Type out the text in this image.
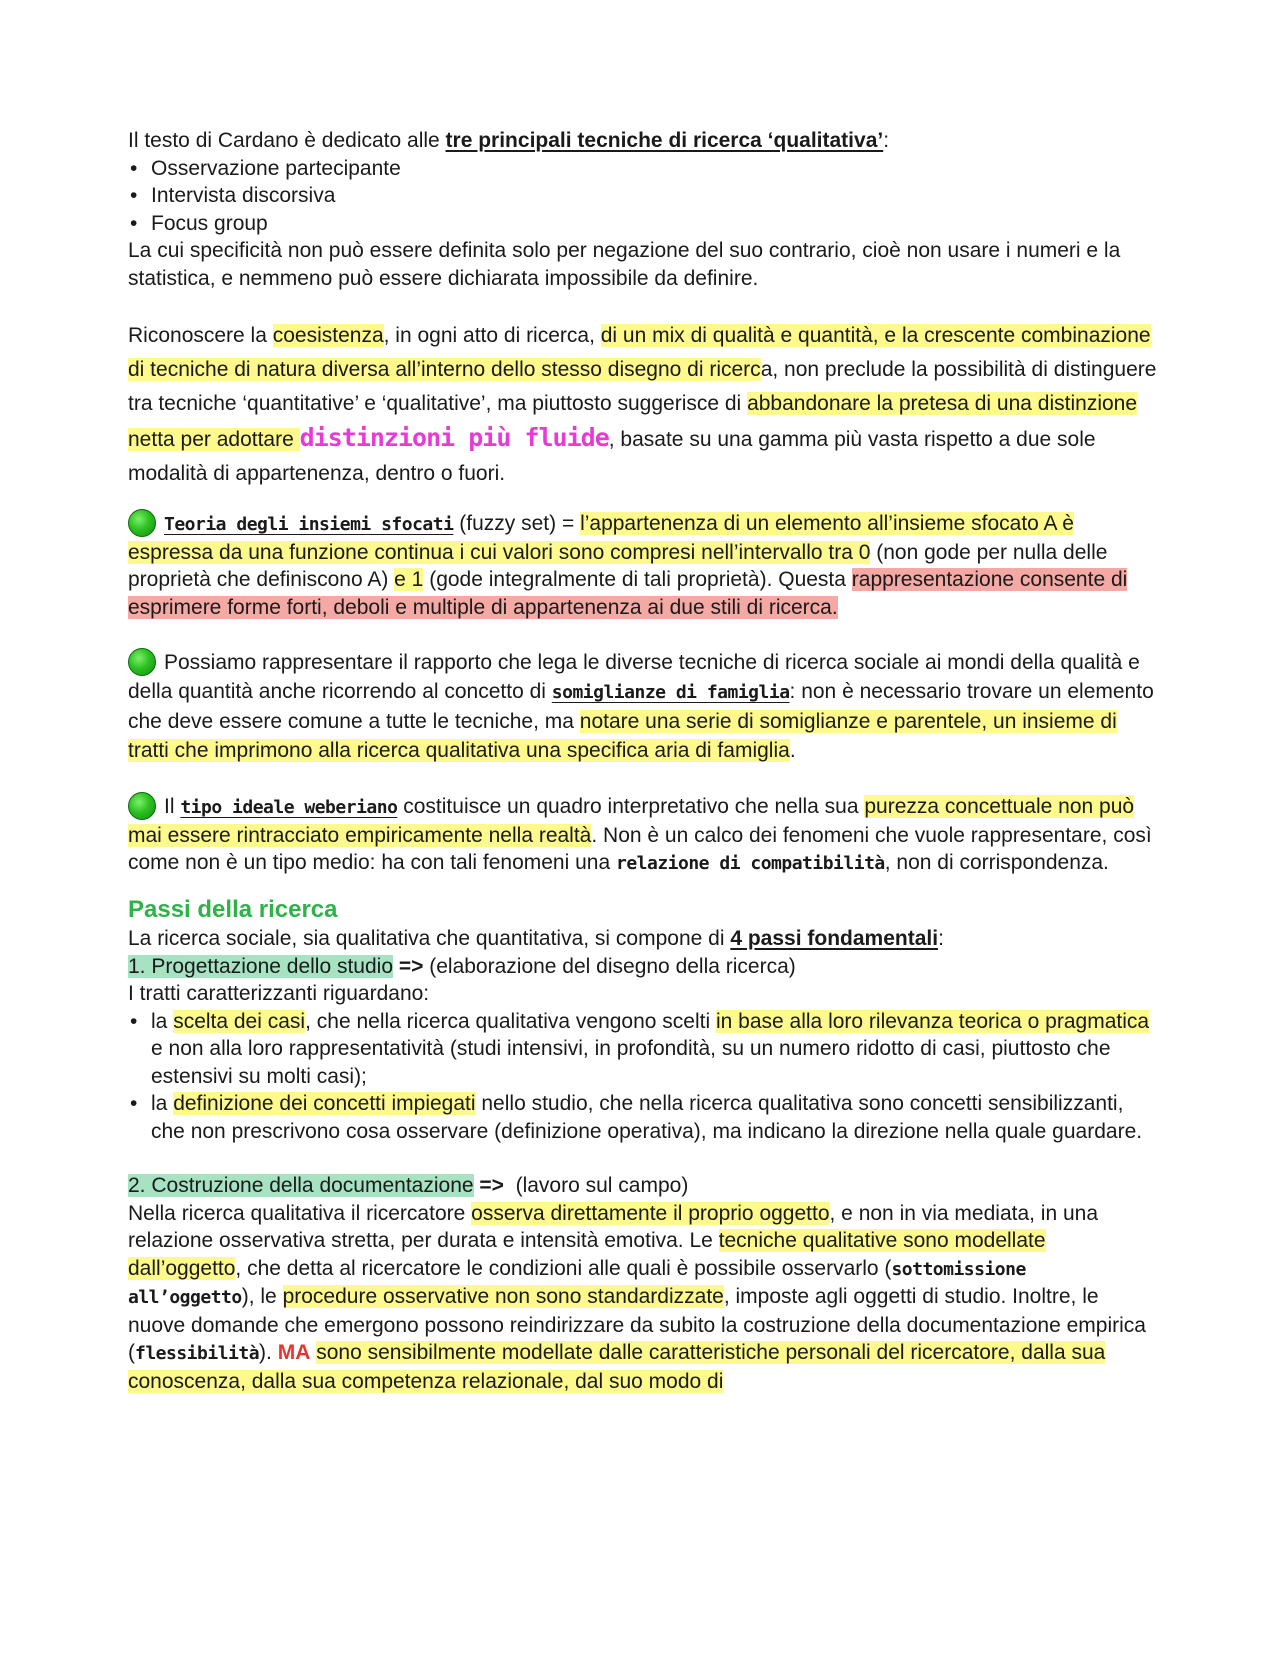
Il testo di Cardano è dedicato alle tre principali tecniche di ricerca ‘qualitativa’:

• Osservazione partecipante
• Intervista discorsiva
• Focus group

La cui specificità non può essere definita solo per negazione del suo contrario, cioè non usare i numeri e la statistica, e nemmeno può essere dichiarata impossibile da definire.

Riconoscere la coesistenza, in ogni atto di ricerca, di un mix di qualità e quantità, e la crescente combinazione di tecniche di natura diversa all’interno dello stesso disegno di ricerca, non preclude la possibilità di distinguere tra tecniche ‘quantitative’ e ‘qualitative’, ma piuttosto suggerisce di abbandonare la pretesa di una distinzione netta per adottare distinzioni più fluide, basate su una gamma più vasta rispetto a due sole modalità di appartenenza, dentro o fuori.

Teoria degli insiemi sfocati (fuzzy set) = l’appartenenza di un elemento all’insieme sfocato A è espressa da una funzione continua i cui valori sono compresi nell’intervallo tra 0 (non gode per nulla delle proprietà che definiscono A) e 1 (gode integralmente di tali proprietà). Questa rappresentazione consente di esprimere forme forti, deboli e multiple di appartenenza ai due stili di ricerca.

Possiamo rappresentare il rapporto che lega le diverse tecniche di ricerca sociale ai mondi della qualità e della quantità anche ricorrendo al concetto di somiglianze di famiglia: non è necessario trovare un elemento che deve essere comune a tutte le tecniche, ma notare una serie di somiglianze e parentele, un insieme di tratti che imprimono alla ricerca qualitativa una specifica aria di famiglia.

Il tipo ideale weberiano costituisce un quadro interpretativo che nella sua purezza concettuale non può mai essere rintracciato empiricamente nella realtà. Non è un calco dei fenomeni che vuole rappresentare, così come non è un tipo medio: ha con tali fenomeni una relazione di compatibilità, non di corrispondenza.

Passi della ricerca

La ricerca sociale, sia qualitativa che quantitativa, si compone di 4 passi fondamentali:

1. Progettazione dello studio => (elaborazione del disegno della ricerca)

I tratti caratterizzanti riguardano:

• la scelta dei casi, che nella ricerca qualitativa vengono scelti in base alla loro rilevanza teorica o pragmatica e non alla loro rappresentatività (studi intensivi, in profondità, su un numero ridotto di casi, piuttosto che estensivi su molti casi);
• la definizione dei concetti impiegati nello studio, che nella ricerca qualitativa sono concetti sensibilizzanti, che non prescrivono cosa osservare (definizione operativa), ma indicano la direzione nella quale guardare.

2. Costruzione della documentazione =>  (lavoro sul campo)

Nella ricerca qualitativa il ricercatore osserva direttamente il proprio oggetto, e non in via mediata, in una relazione osservativa stretta, per durata e intensità emotiva. Le tecniche qualitative sono modellate dall’oggetto, che detta al ricercatore le condizioni alle quali è possibile osservarlo (sottomissione all’oggetto), le procedure osservative non sono standardizzate, imposte agli oggetti di studio. Inoltre, le nuove domande che emergono possono reindirizzare da subito la costruzione della documentazione empirica (flessibilità). MA sono sensibilmente modellate dalle caratteristiche personali del ricercatore, dalla sua conoscenza, dalla sua competenza relazionale, dal suo modo di
